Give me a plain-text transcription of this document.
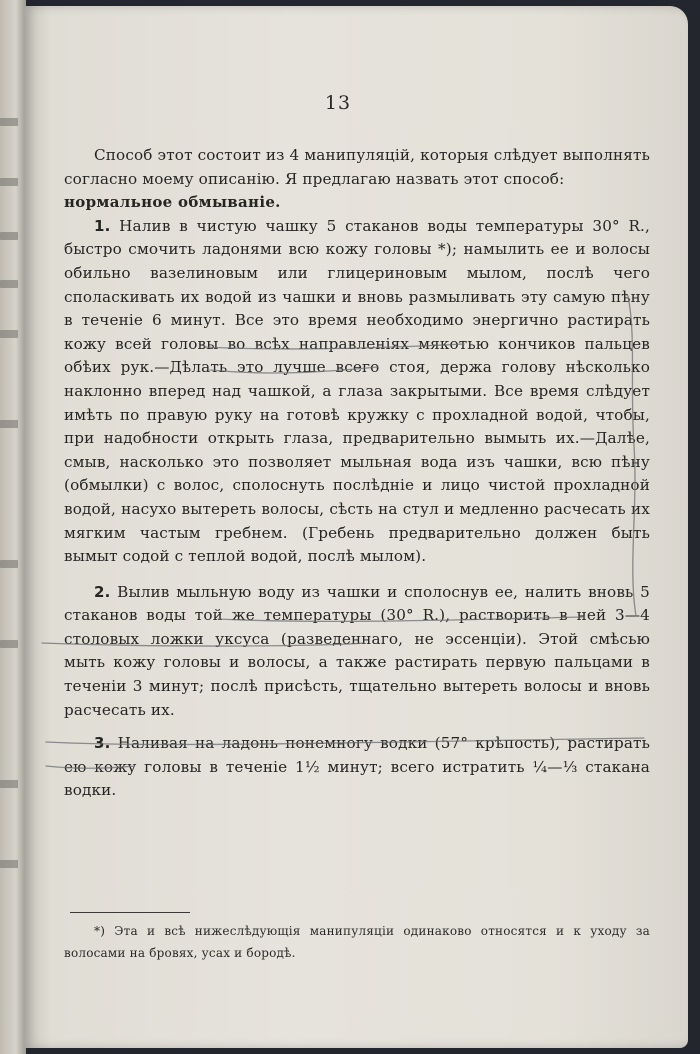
13

Способ этот состоит из 4 манипуляцій, которыя слѣдует выполнять согласно моему описанію. Я предлагаю назвать этот способ:

нормальное обмываніе.

1. Налив в чистую чашку 5 стаканов воды температуры 30° R., быстро смочить ладонями всю кожу головы *); намылить ее и волосы обильно вазелиновым или глицериновым мылом, послѣ чего споласкивать их водой из чашки и вновь размыливать эту самую пѣну в теченіе 6 минут. Все это время необходимо энергично растирать кожу всей головы во всѣх направленіях мякотью кончиков пальцев обѣих рук.—Дѣлать это лучше всего стоя, держа голову нѣсколько наклонно вперед над чашкой, а глаза закрытыми. Все время слѣдует имѣть по правую руку на готовѣ кружку с прохладной водой, чтобы, при надобности открыть глаза, предварительно вымыть их.—Далѣе, смыв, насколько это позволяет мыльная вода изъ чашки, всю пѣну (обмылки) с волос, сполоснуть послѣдніе и лицо чистой прохладной водой, насухо вытереть волосы, сѣсть на стул и медленно расчесать их мягким частым гребнем. (Гребень предварительно должен быть вымыт содой с теплой водой, послѣ мылом).

2. Вылив мыльную воду из чашки и сполоснув ее, налить вновь 5 стаканов воды той же температуры (30° R.), растворить в ней 3—4 столовых ложки уксуса (разведеннаго, не эссенціи). Этой смѣсью мыть кожу головы и волосы, а также растирать первую пальцами в теченіи 3 минут; послѣ присѣсть, тщательно вытереть волосы и вновь расчесать их.

3. Наливая на ладонь понемногу водки (57° крѣпость), растирать ею кожу головы в теченіе 1½ минут; всего истратить ¼—⅓ стакана водки.

*) Эта и всѣ нижеслѣдующія манипуляціи одинаково относятся и к уходу за волосами на бровях, усах и бородѣ.
